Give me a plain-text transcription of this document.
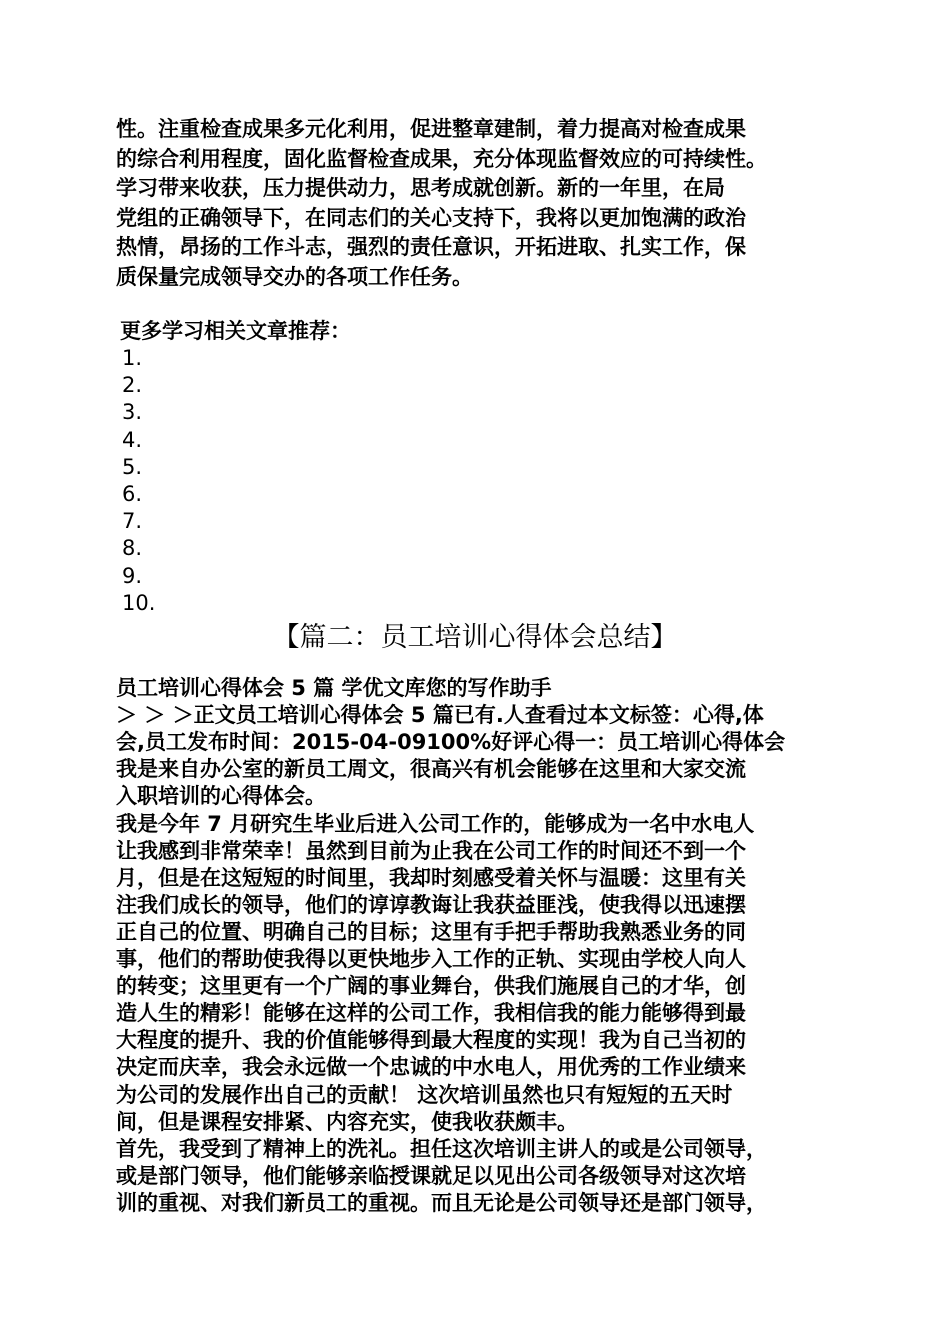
性。注重检查成果多元化利用，促进整章建制，着力提高对检查成果
的综合利用程度，固化监督检查成果，充分体现监督效应的可持续性。
学习带来收获，压力提供动力，思考成就创新。新的一年里，在局
党组的正确领导下，在同志们的关心支持下，我将以更加饱满的政治
热情，昂扬的工作斗志，强烈的责任意识，开拓进取、扎实工作，保
质保量完成领导交办的各项工作任务。
更多学习相关文章推荐：
1.
2.
3.
4.
5.
6.
7.
8.
9.
10.
【篇二：员工培训心得体会总结】
员工培训心得体会 5 篇 学优文库您的写作助手
＞ ＞ ＞正文员工培训心得体会 5 篇已有.人查看过本文标签：心得,体
会,员工发布时间：2015-04-09100%好评心得一：员工培训心得体会
我是来自办公室的新员工周文，很高兴有机会能够在这里和大家交流
入职培训的心得体会。
我是今年 7 月研究生毕业后进入公司工作的，能够成为一名中水电人
让我感到非常荣幸！虽然到目前为止我在公司工作的时间还不到一个
月，但是在这短短的时间里，我却时刻感受着关怀与温暖：这里有关
注我们成长的领导，他们的谆谆教诲让我获益匪浅，使我得以迅速摆
正自己的位置、明确自己的目标；这里有手把手帮助我熟悉业务的同
事，他们的帮助使我得以更快地步入工作的正轨、实现由学校人向人
的转变；这里更有一个广阔的事业舞台，供我们施展自己的才华，创
造人生的精彩！能够在这样的公司工作，我相信我的能力能够得到最
大程度的提升、我的价值能够得到最大程度的实现！我为自己当初的
决定而庆幸，我会永远做一个忠诚的中水电人，用优秀的工作业绩来
为公司的发展作出自己的贡献！ 这次培训虽然也只有短短的五天时
间，但是课程安排紧、内容充实，使我收获颇丰。
首先，我受到了精神上的洗礼。担任这次培训主讲人的或是公司领导，
或是部门领导，他们能够亲临授课就足以见出公司各级领导对这次培
训的重视、对我们新员工的重视。而且无论是公司领导还是部门领导，
